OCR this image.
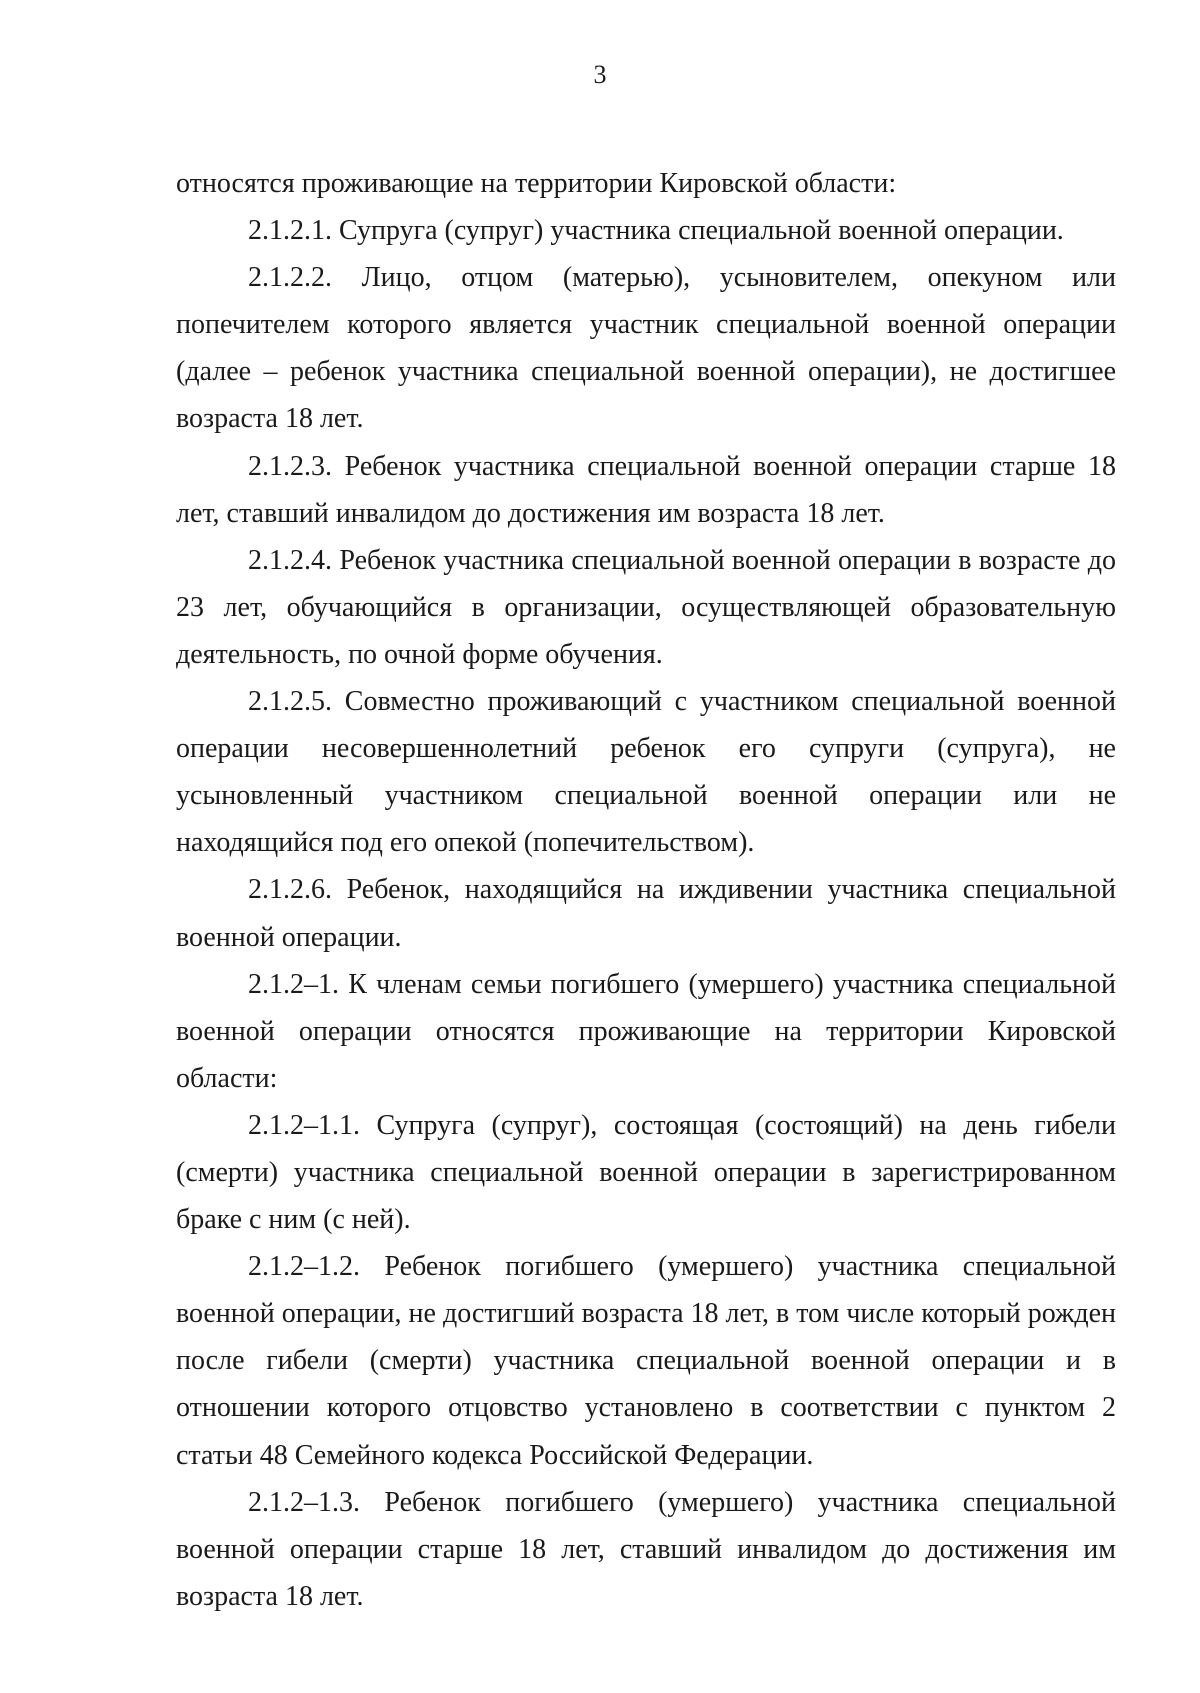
3

относятся проживающие на территории Кировской области:

2.1.2.1. Супруга (супруг) участника специальной военной операции.

2.1.2.2. Лицо, отцом (матерью), усыновителем, опекуном или попечителем которого является участник специальной военной операции (далее – ребенок участника специальной военной операции), не достигшее возраста 18 лет.

2.1.2.3. Ребенок участника специальной военной операции старше 18 лет, ставший инвалидом до достижения им возраста 18 лет.

2.1.2.4. Ребенок участника специальной военной операции в возрасте до 23 лет, обучающийся в организации, осуществляющей образовательную деятельность, по очной форме обучения.

2.1.2.5. Совместно проживающий с участником специальной военной операции несовершеннолетний ребенок его супруги (супруга), не усыновленный участником специальной военной операции или не находящийся под его опекой (попечительством).

2.1.2.6. Ребенок, находящийся на иждивении участника специальной военной операции.

2.1.2–1. К членам семьи погибшего (умершего) участника специальной военной операции относятся проживающие на территории Кировской области:

2.1.2–1.1. Супруга (супруг), состоящая (состоящий) на день гибели (смерти) участника специальной военной операции в зарегистрированном браке с ним (с ней).

2.1.2–1.2. Ребенок погибшего (умершего) участника специальной военной операции, не достигший возраста 18 лет, в том числе который рожден после гибели (смерти) участника специальной военной операции и в отношении которого отцовство установлено в соответствии с пунктом 2 статьи 48 Семейного кодекса Российской Федерации.

2.1.2–1.3. Ребенок погибшего (умершего) участника специальной военной операции старше 18 лет, ставший инвалидом до достижения им возраста 18 лет.
